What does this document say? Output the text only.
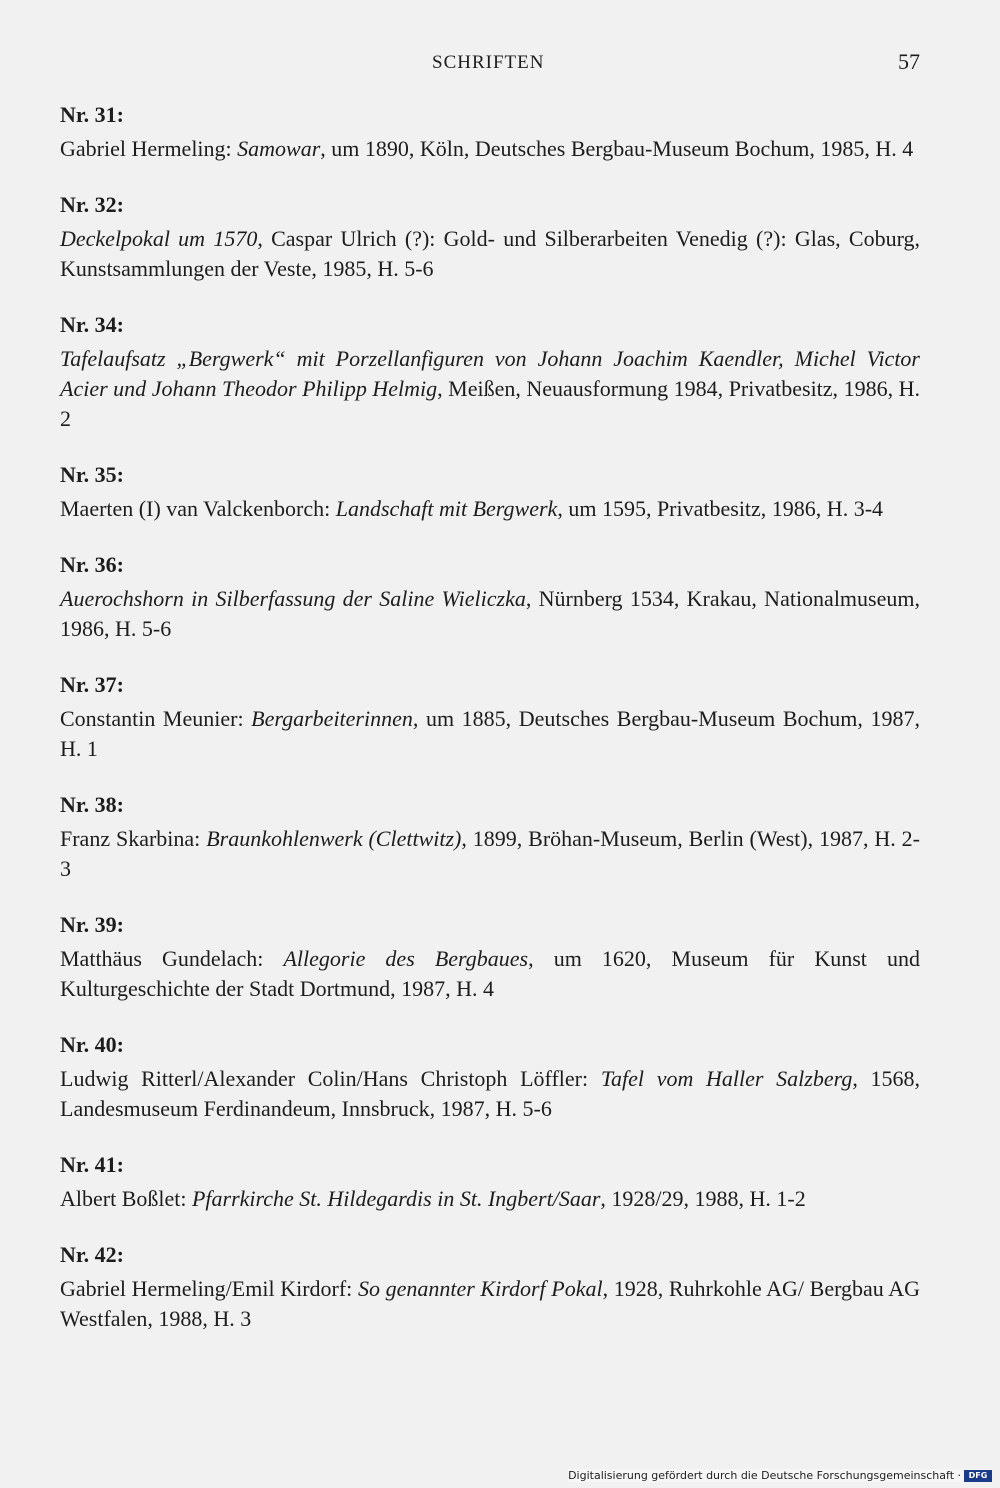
SCHRIFTEN	57
Nr. 31:
Gabriel Hermeling: Samowar, um 1890, Köln, Deutsches Bergbau-Museum Bochum, 1985, H. 4
Nr. 32:
Deckelpokal um 1570, Caspar Ulrich (?): Gold- und Silberarbeiten Venedig (?): Glas, Coburg, Kunstsammlungen der Veste, 1985, H. 5-6
Nr. 34:
Tafelaufsatz „Bergwerk“ mit Porzellanfiguren von Johann Joachim Kaendler, Michel Victor Acier und Johann Theodor Philipp Helmig, Meißen, Neuausformung 1984, Privatbesitz, 1986, H. 2
Nr. 35:
Maerten (I) van Valckenborch: Landschaft mit Bergwerk, um 1595, Privatbesitz, 1986, H. 3-4
Nr. 36:
Auerochshorn in Silberfassung der Saline Wieliczka, Nürnberg 1534, Krakau, Nationalmuseum, 1986, H. 5-6
Nr. 37:
Constantin Meunier: Bergarbeiterinnen, um 1885, Deutsches Bergbau-Museum Bochum, 1987, H. 1
Nr. 38:
Franz Skarbina: Braunkohlenwerk (Clettwitz), 1899, Bröhan-Museum, Berlin (West), 1987, H. 2-3
Nr. 39:
Matthäus Gundelach: Allegorie des Bergbaues, um 1620, Museum für Kunst und Kulturgeschichte der Stadt Dortmund, 1987, H. 4
Nr. 40:
Ludwig Ritterl/Alexander Colin/Hans Christoph Löffler: Tafel vom Haller Salzberg, 1568, Landesmuseum Ferdinandeum, Innsbruck, 1987, H. 5-6
Nr. 41:
Albert Boßlet: Pfarrkirche St. Hildegardis in St. Ingbert/Saar, 1928/29, 1988, H. 1-2
Nr. 42:
Gabriel Hermeling/Emil Kirdorf: So genannter Kirdorf Pokal, 1928, Ruhrkohle AG/ Bergbau AG Westfalen, 1988, H. 3
Digitalisierung gefördert durch die Deutsche Forschungsgemeinschaft · DFG
